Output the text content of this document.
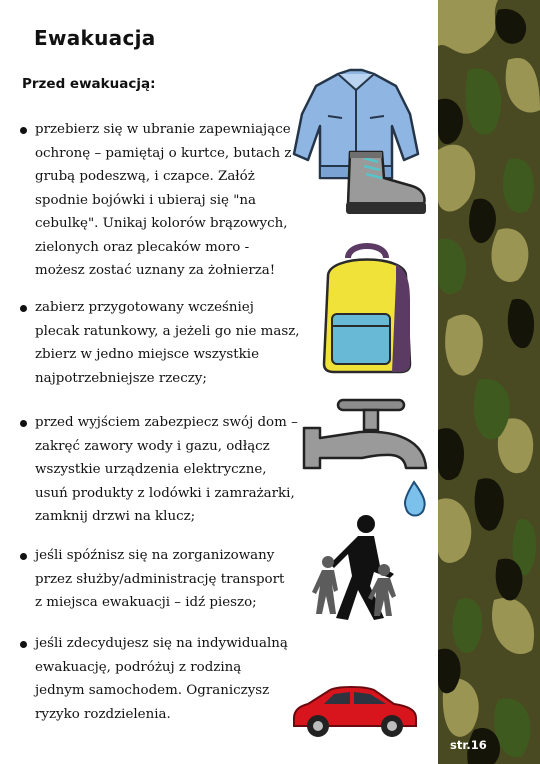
Ewakuacja
Przed ewakuacją:
przebierz się w ubranie zapewniające
ochronę – pamiętaj o kurtce, butach z
grubą podeszwą, i czapce. Załóż
spodnie bojówki i ubieraj się "na
cebulkę". Unikaj kolorów brązowych,
zielonych oraz plecaków moro -
możesz zostać uznany za żołnierza!
zabierz przygotowany wcześniej
plecak ratunkowy, a jeżeli go nie masz,
zbierz w jedno miejsce wszystkie
najpotrzebniejsze rzeczy;
przed wyjściem zabezpiecz swój dom –
zakręć zawory wody i gazu, odłącz
wszystkie urządzenia elektryczne,
usuń produkty z lodówki i zamrażarki,
zamknij drzwi na klucz;
jeśli spóźnisz się na zorganizowany
przez służby/administrację transport
z miejsca ewakuacji – idź pieszo;
jeśli zdecydujesz się na indywidualną
ewakuację, podróżuj z rodziną
jednym samochodem. Ograniczysz
ryzyko rozdzielenia.
str.16
